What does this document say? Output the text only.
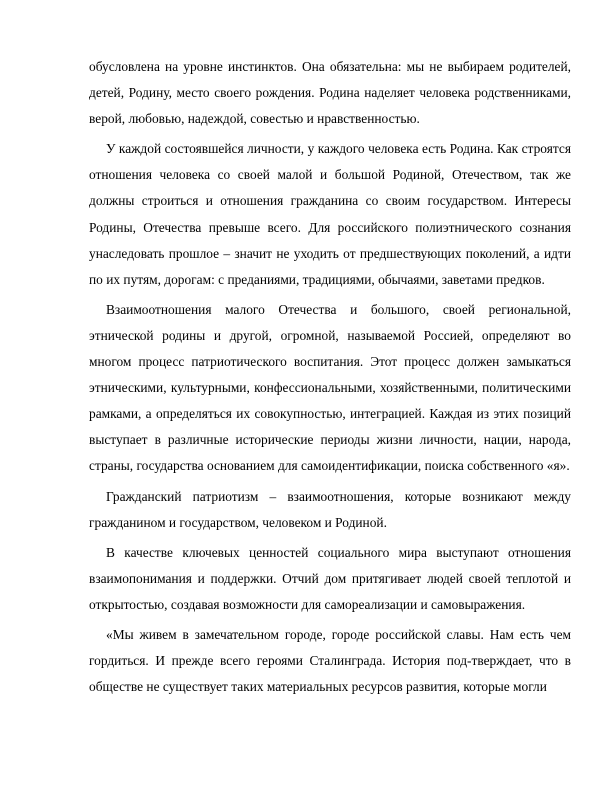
обусловлена на уровне инстинктов. Она обязательна: мы не выбираем родителей, детей, Родину, место своего рождения. Родина наделяет человека родственниками, верой, любовью, надеждой, совестью и нравственностью.

У каждой состоявшейся личности, у каждого человека есть Родина. Как строятся отношения человека со своей малой и большой Родиной, Отечеством, так же должны строиться и отношения гражданина со своим государством. Интересы Родины, Отечества превыше всего. Для российского полиэтнического сознания унаследовать прошлое – значит не уходить от предшествующих поколений, а идти по их путям, дорогам: с преданиями, традициями, обычаями, заветами предков.

Взаимоотношения малого Отечества и большого, своей региональной, этнической родины и другой, огромной, называемой Россией, определяют во многом процесс патриотического воспитания. Этот процесс должен замыкаться этническими, культурными, конфессиональными, хозяйственными, политическими рамками, а определяться их совокупностью, интеграцией. Каждая из этих позиций выступает в различные исторические периоды жизни личности, нации, народа, страны, государства основанием для самоидентификации, поиска собственного «я».

Гражданский патриотизм – взаимоотношения, которые возникают между гражданином и государством, человеком и Родиной.

В качестве ключевых ценностей социального мира выступают отношения взаимопонимания и поддержки. Отчий дом притягивает людей своей теплотой и открытостью, создавая возможности для самореализации и самовыражения.

«Мы живем в замечательном городе, городе российской славы. Нам есть чем гордиться. И прежде всего героями Сталинграда. История под-тверждает, что в обществе не существует таких материальных ресурсов развития, которые могли
